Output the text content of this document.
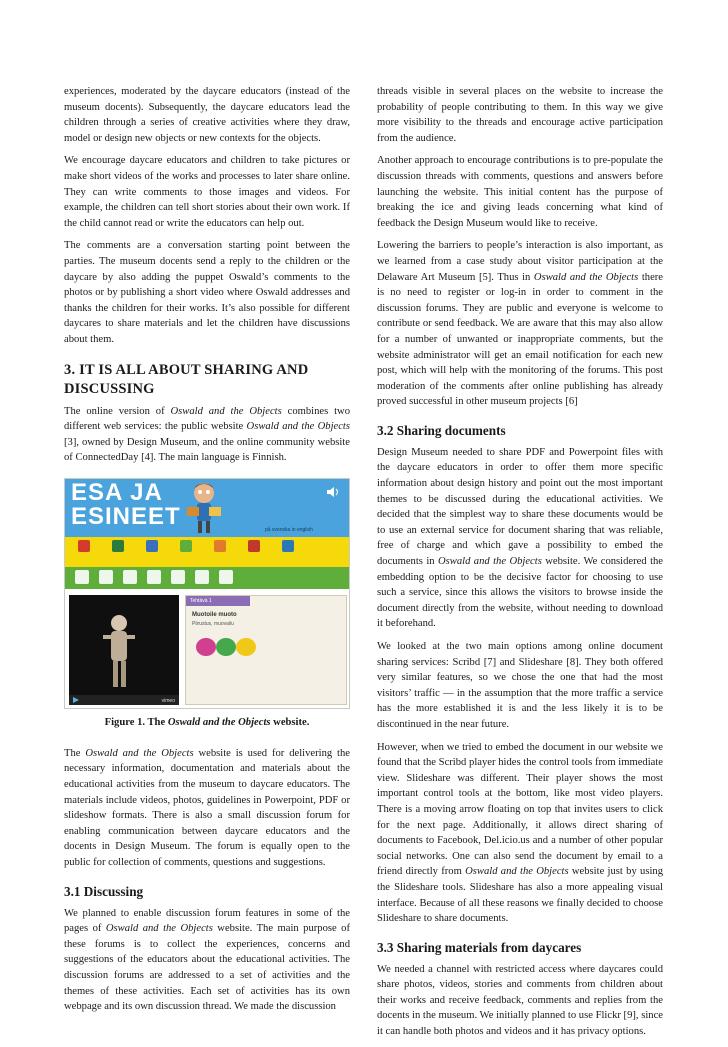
experiences, moderated by the daycare educators (instead of the museum docents). Subsequently, the daycare educators lead the children through a series of creative activities where they draw, model or design new objects or new contexts for the objects.

We encourage daycare educators and children to take pictures or make short videos of the works and processes to later share online. They can write comments to those images and videos. For example, the children can tell short stories about their own work. If the child cannot read or write the educators can help out.

The comments are a conversation starting point between the parties. The museum docents send a reply to the children or the daycare by also adding the puppet Oswald’s comments to the photos or by publishing a short video where Oswald addresses and thanks the children for their works. It’s also possible for different daycares to share materials and let the children have discussions about them.

3. IT IS ALL ABOUT SHARING AND DISCUSSING

The online version of Oswald and the Objects combines two different web services: the public website Oswald and the Objects [3], owned by Design Museum, and the online community website of ConnectedDay [4]. The main language is Finnish.

ESA JA
ESINEET	på svenska in english
vimeo
Tehtävä 1
Muotoile muoto
Piirustus, muovailu
Figure 1. The Oswald and the Objects website.

The Oswald and the Objects website is used for delivering the necessary information, documentation and materials about the educational activities from the museum to daycare educators. The materials include videos, photos, guidelines in Powerpoint, PDF or slideshow formats. There is also a small discussion forum for enabling communication between daycare educators and the docents in Design Museum. The forum is equally open to the public for collection of comments, questions and suggestions.

3.1 Discussing

We planned to enable discussion forum features in some of the pages of Oswald and the Objects website. The main purpose of these forums is to collect the experiences, concerns and suggestions of the educators about the educational activities. The discussion forums are addressed to a set of activities and the themes of these activities. Each set of activities has its own webpage and its own discussion thread. We made the discussion

threads visible in several places on the website to increase the probability of people contributing to them. In this way we give more visibility to the threads and encourage active participation from the audience.

Another approach to encourage contributions is to pre-populate the discussion threads with comments, questions and answers before launching the website. This initial content has the purpose of breaking the ice and giving leads concerning what kind of feedback the Design Museum would like to receive.

Lowering the barriers to people’s interaction is also important, as we learned from a case study about visitor participation at the Delaware Art Museum [5]. Thus in Oswald and the Objects there is no need to register or log-in in order to comment in the discussion forums. They are public and everyone is welcome to contribute or send feedback. We are aware that this may also allow for a number of unwanted or inappropriate comments, but the website administrator will get an email notification for each new post, which will help with the monitoring of the forums. This post moderation of the comments after online publishing has already proved successful in other museum projects [6]

3.2 Sharing documents

Design Museum needed to share PDF and Powerpoint files with the daycare educators in order to offer them more specific information about design history and point out the most important themes to be discussed during the educational activities. We decided that the simplest way to share these documents would be to use an external service for document sharing that was reliable, free of charge and which gave a possibility to embed the documents in Oswald and the Objects website. We considered the embedding option to be the decisive factor for choosing to use such a service, since this allows the visitors to browse inside the document directly from the website, without needing to download it beforehand.

We looked at the two main options among online document sharing services: Scribd [7] and Slideshare [8]. They both offered very similar features, so we chose the one that had the most visitors’ traffic — in the assumption that the more traffic a service has the more established it is and the less likely it is to be discontinued in the near future.

However, when we tried to embed the document in our website we found that the Scribd player hides the control tools from immediate view. Slideshare was different. Their player shows the most important control tools at the bottom, like most video players. There is a moving arrow floating on top that invites users to click for the next page. Additionally, it allows direct sharing of documents to Facebook, Del.icio.us and a number of other popular social networks. One can also send the document by email to a friend directly from Oswald and the Objects website just by using the Slideshare tools. Slideshare has also a more appealing visual interface. Because of all these reasons we finally decided to choose Slideshare to share documents.

3.3 Sharing materials from daycares

We needed a channel with restricted access where daycares could share photos, videos, stories and comments from children about their works and receive feedback, comments and replies from the docents in the museum. We initially planned to use Flickr [9], since it can handle both photos and videos and it has privacy options.
